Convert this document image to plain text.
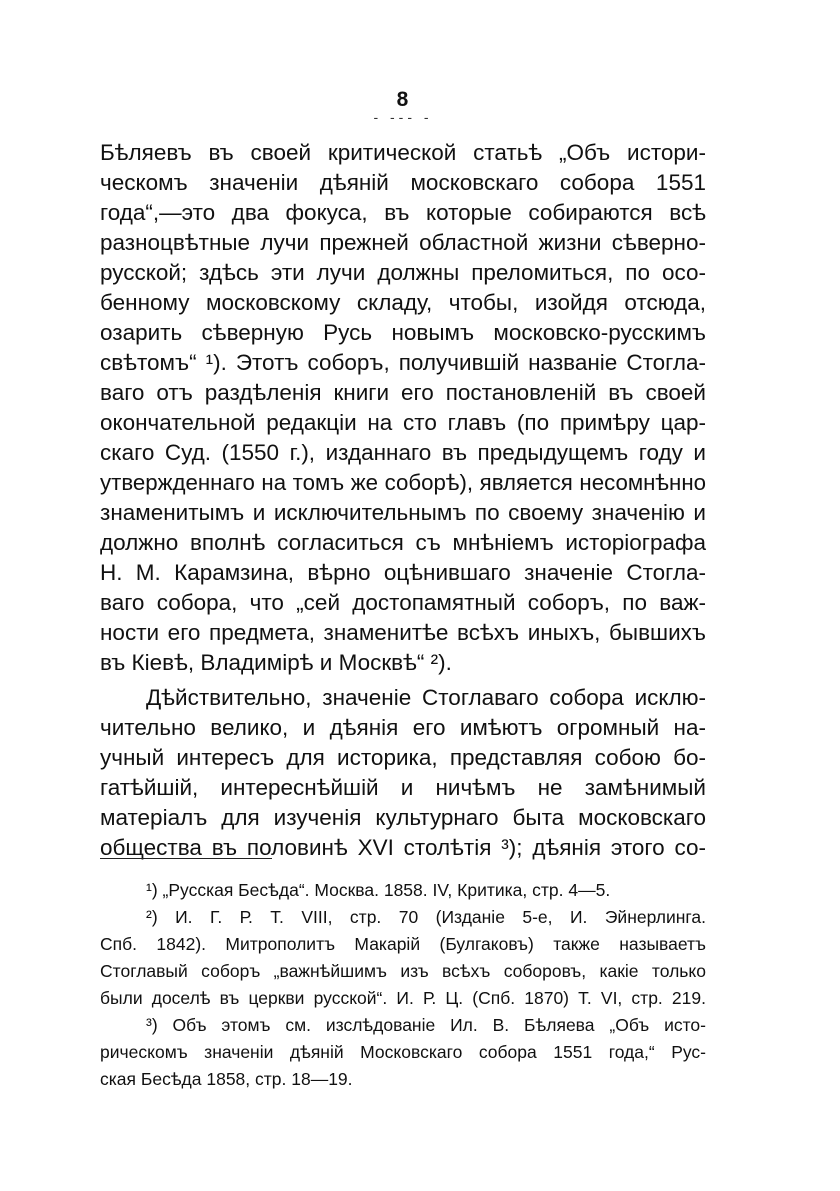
8
- --- -
Бѣляевъ въ своей критической статьѣ „Объ истори-
ческомъ значеніи дѣяній московскаго собора 1551
года“,—это два фокуса, въ которые собираются всѣ
разноцвѣтные лучи прежней областной жизни сѣверно-
русской; здѣсь эти лучи должны преломиться, по осо-
бенному московскому складу, чтобы, изойдя отсюда,
озарить сѣверную Русь новымъ московско-русскимъ
свѣтомъ“ ¹). Этотъ соборъ, получившій названіе Стогла-
ваго отъ раздѣленія книги его постановленій въ своей
окончательной редакціи на сто главъ (по примѣру цар-
скаго Суд. (1550 г.), изданнаго въ предыдущемъ году и
утвержденнаго на томъ же соборѣ), является несомнѣнно
знаменитымъ и исключительнымъ по своему значенію и
должно вполнѣ согласиться съ мнѣніемъ исторіографа
Н. М. Карамзина, вѣрно оцѣнившаго значеніе Стогла-
ваго собора, что „сей достопамятный соборъ, по важ-
ности его предмета, знаменитѣе всѣхъ иныхъ, бывшихъ
въ Кіевѣ, Владимірѣ и Москвѣ“ ²).
Дѣйствительно, значеніе Стоглаваго собора исклю-
чительно велико, и дѣянія его имѣютъ огромный на-
учный интересъ для историка, представляя собою бо-
гатѣйшій, интереснѣйшій и ничѣмъ не замѣнимый
матеріалъ для изученія культурнаго быта московскаго
общества въ половинѣ XVI столѣтія ³); дѣянія этого со-
¹) „Русская Бесѣда“. Москва. 1858. IV, Критика, стр. 4—5.
²) И. Г. Р. Т. VIII, стр. 70 (Изданіе 5-е, И. Эйнерлинга.
Спб. 1842). Митрополитъ Макарій (Булгаковъ) также называетъ
Стоглавый соборъ „важнѣйшимъ изъ всѣхъ соборовъ, какіе только
были доселѣ въ церкви русской“. И. Р. Ц. (Спб. 1870) Т. VI, стр. 219.
³) Объ этомъ см. изслѣдованіе Ил. В. Бѣляева „Объ исто-
рическомъ значеніи дѣяній Московскаго собора 1551 года,“ Рус-
ская Бесѣда 1858, стр. 18—19.
